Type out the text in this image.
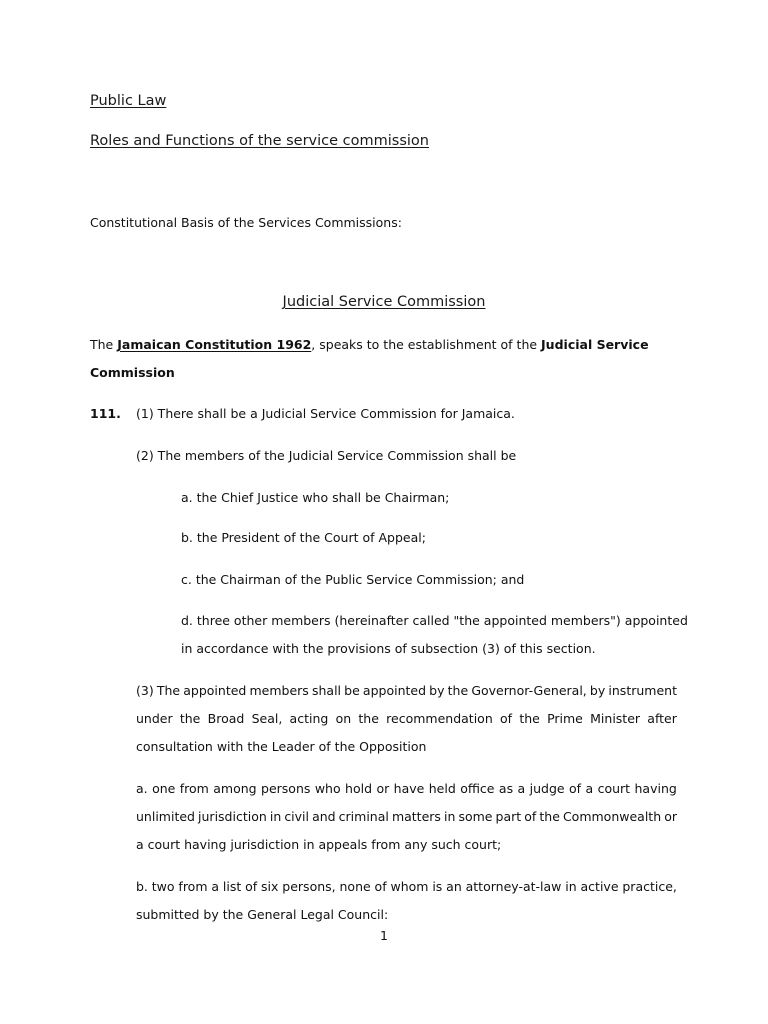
Public Law
Roles and Functions of the service commission
Constitutional Basis of the Services Commissions:
Judicial Service Commission
The Jamaican Constitution 1962, speaks to the establishment of the Judicial Service
Commission
111. (1) There shall be a Judicial Service Commission for Jamaica.
(2) The members of the Judicial Service Commission shall be
a. the Chief Justice who shall be Chairman;
b. the President of the Court of Appeal;
c. the Chairman of the Public Service Commission; and
d. three other members (hereinafter called "the appointed members") appointed
in accordance with the provisions of subsection (3) of this section.
(3) The appointed members shall be appointed by the Governor-General, by instrument
under the Broad Seal, acting on the recommendation of the Prime Minister after
consultation with the Leader of the Opposition
a. one from among persons who hold or have held office as a judge of a court having
unlimited jurisdiction in civil and criminal matters in some part of the Commonwealth or
a court having jurisdiction in appeals from any such court;
b. two from a list of six persons, none of whom is an attorney-at-law in active practice,
submitted by the General Legal Council:
1
